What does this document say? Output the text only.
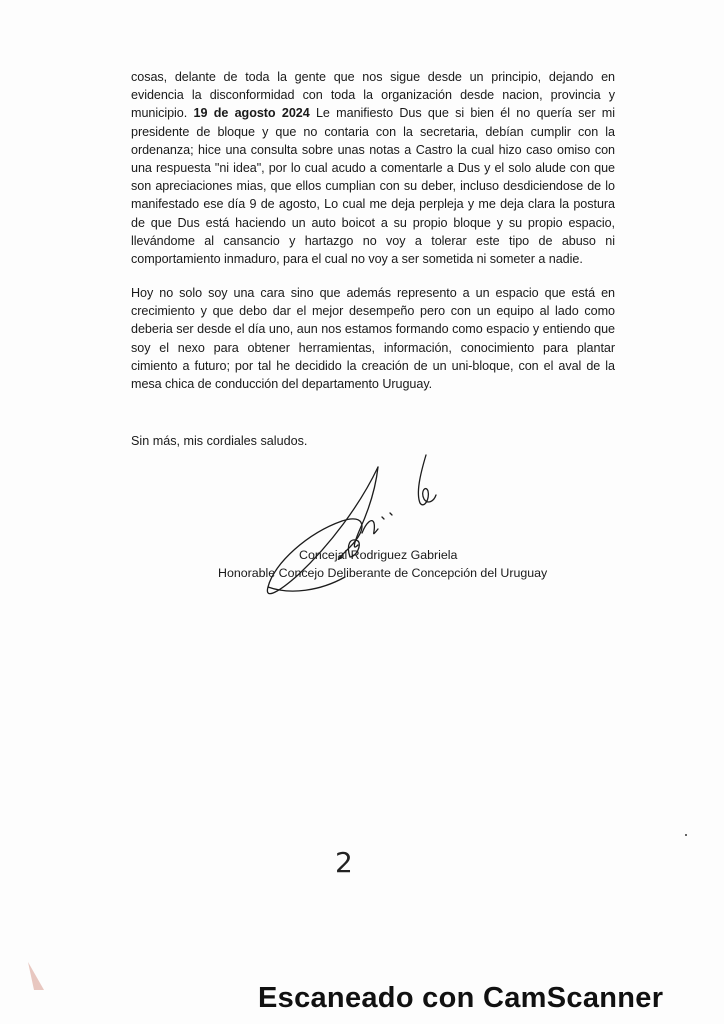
cosas, delante de toda la gente que nos sigue desde un principio, dejando en evidencia la disconformidad con toda la organización desde nacion, provincia y municipio. 19 de agosto 2024 Le manifiesto Dus que si bien él no quería ser mi presidente de bloque y que no contaria con la secretaria, debían cumplir con la ordenanza; hice una consulta sobre unas notas a Castro la cual hizo caso omiso con una respuesta "ni idea", por lo cual acudo a comentarle a Dus y el solo alude con que son apreciaciones mias, que ellos cumplian con su deber, incluso desdiciendose de lo manifestado ese día 9 de agosto, Lo cual me deja perpleja y me deja clara la postura de que Dus está haciendo un auto boicot a su propio bloque y su propio espacio, llevándome al cansancio y hartazgo no voy a tolerar este tipo de abuso ni comportamiento inmaduro, para el cual no voy a ser sometida ni someter a nadie.
Hoy no solo soy una cara sino que además represento a un espacio que está en crecimiento y que debo dar el mejor desempeño pero con un equipo al lado como deberia ser desde el día uno, aun nos estamos formando como espacio y entiendo que soy el nexo para obtener herramientas, información, conocimiento para plantar cimiento a futuro; por tal he decidido la creación de un uni-bloque, con el aval de la mesa chica de conducción del departamento Uruguay.
Sin más, mis cordiales saludos.
Concejal Rodriguez Gabriela
Honorable Concejo Deliberante de Concepción del Uruguay
2
Escaneado con CamScanner
